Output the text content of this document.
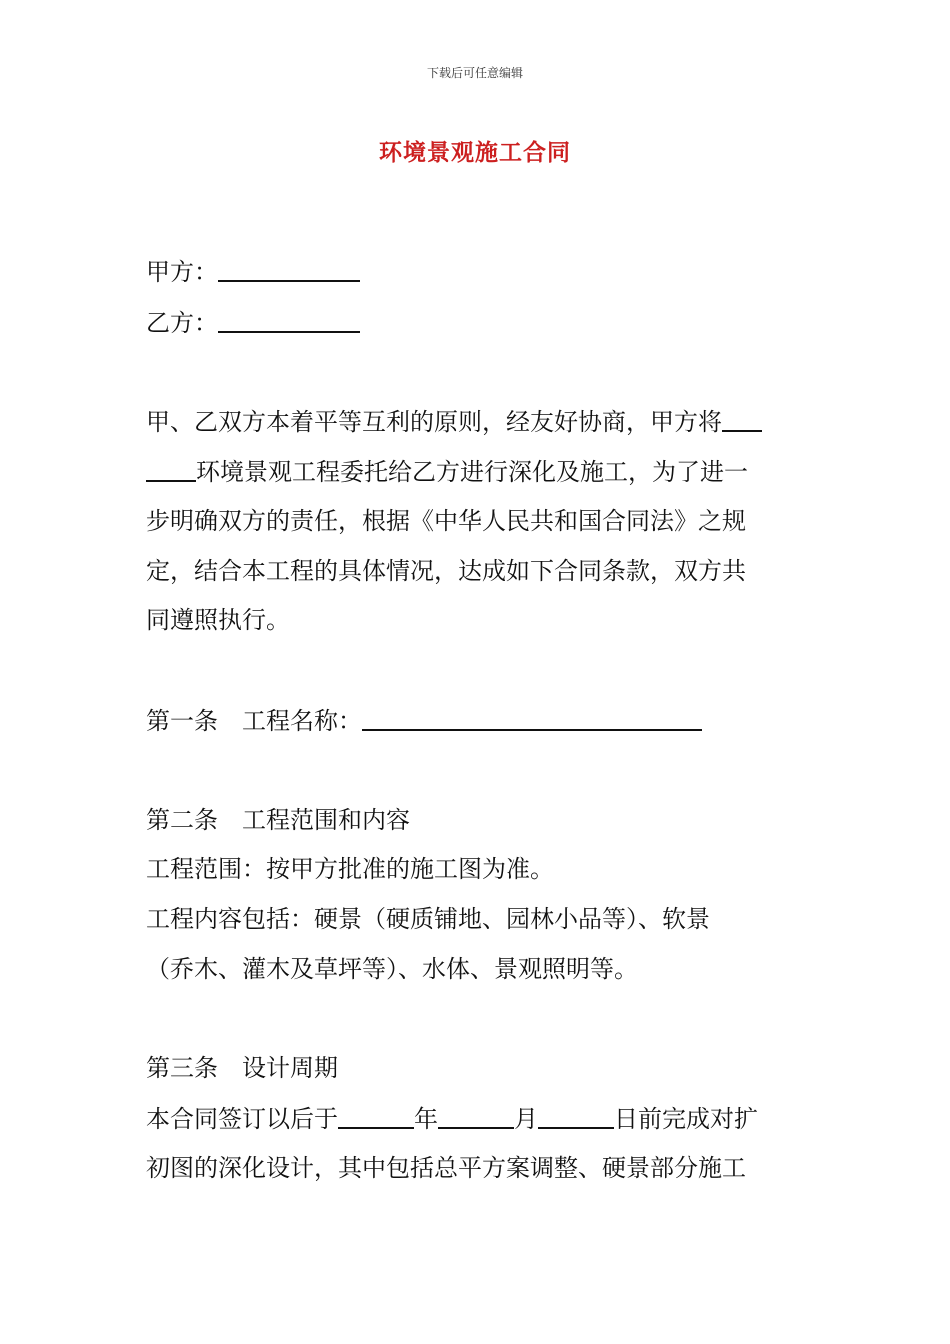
下载后可任意编辑
环境景观施工合同
甲方：
乙方：
甲、乙双方本着平等互利的原则，经友好协商，甲方将
环境景观工程委托给乙方进行深化及施工，为了进一
步明确双方的责任，根据《中华人民共和国合同法》之规
定，结合本工程的具体情况，达成如下合同条款，双方共
同遵照执行。
第一条　工程名称：
第二条　工程范围和内容
工程范围：按甲方批准的施工图为准。
工程内容包括：硬景（硬质铺地、园林小品等）、软景
（乔木、灌木及草坪等）、水体、景观照明等。
第三条　设计周期
本合同签订以后于	年	月	日前完成对扩
初图的深化设计，其中包括总平方案调整、硬景部分施工
